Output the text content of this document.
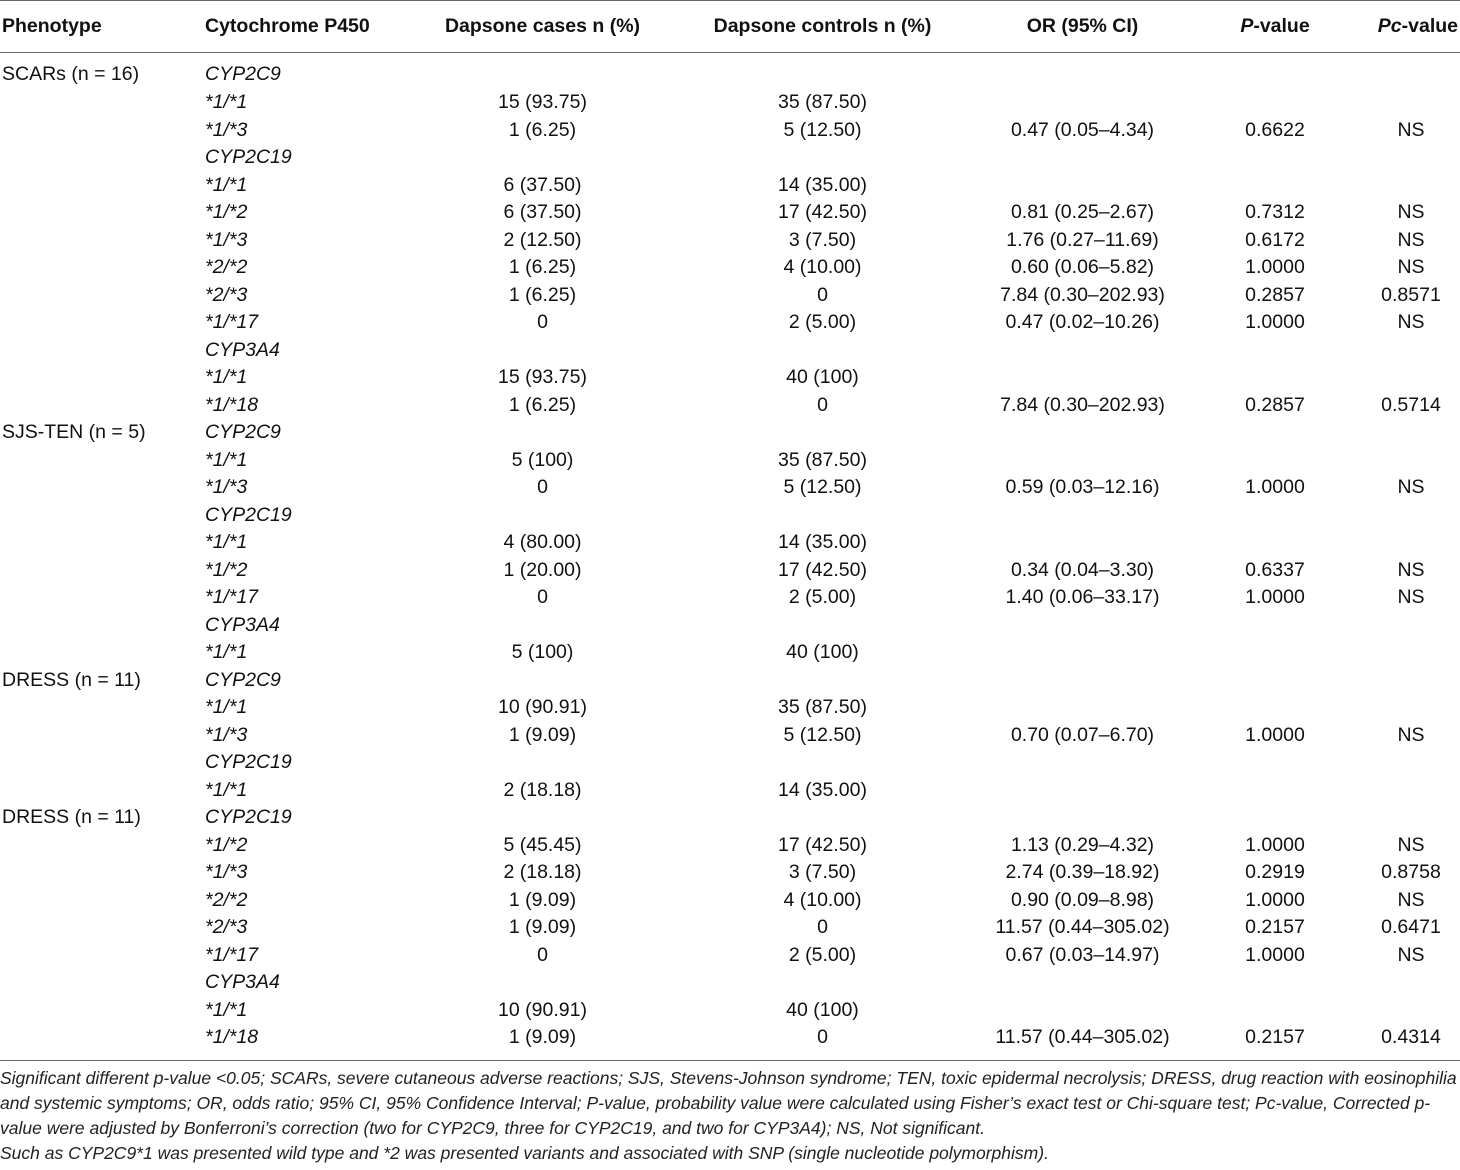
Phenotype	Cytochrome P450	Dapsone cases n (%)	Dapsone controls n (%)	OR (95% CI)	P-value	Pc-value
SCARs (n = 16)	CYP2C9					
	*1/*1	15 (93.75)	35 (87.50)			
	*1/*3	1 (6.25)	5 (12.50)	0.47 (0.05–4.34)	0.6622	NS
	CYP2C19					
	*1/*1	6 (37.50)	14 (35.00)			
	*1/*2	6 (37.50)	17 (42.50)	0.81 (0.25–2.67)	0.7312	NS
	*1/*3	2 (12.50)	3 (7.50)	1.76 (0.27–11.69)	0.6172	NS
	*2/*2	1 (6.25)	4 (10.00)	0.60 (0.06–5.82)	1.0000	NS
	*2/*3	1 (6.25)	0	7.84 (0.30–202.93)	0.2857	0.8571
	*1/*17	0	2 (5.00)	0.47 (0.02–10.26)	1.0000	NS
	CYP3A4					
	*1/*1	15 (93.75)	40 (100)			
	*1/*18	1 (6.25)	0	7.84 (0.30–202.93)	0.2857	0.5714
SJS-TEN (n = 5)	CYP2C9					
	*1/*1	5 (100)	35 (87.50)			
	*1/*3	0	5 (12.50)	0.59 (0.03–12.16)	1.0000	NS
	CYP2C19					
	*1/*1	4 (80.00)	14 (35.00)			
	*1/*2	1 (20.00)	17 (42.50)	0.34 (0.04–3.30)	0.6337	NS
	*1/*17	0	2 (5.00)	1.40 (0.06–33.17)	1.0000	NS
	CYP3A4					
	*1/*1	5 (100)	40 (100)			
DRESS (n = 11)	CYP2C9					
	*1/*1	10 (90.91)	35 (87.50)			
	*1/*3	1 (9.09)	5 (12.50)	0.70 (0.07–6.70)	1.0000	NS
	CYP2C19					
	*1/*1	2 (18.18)	14 (35.00)			
DRESS (n = 11)	CYP2C19					
	*1/*2	5 (45.45)	17 (42.50)	1.13 (0.29–4.32)	1.0000	NS
	*1/*3	2 (18.18)	3 (7.50)	2.74 (0.39–18.92)	0.2919	0.8758
	*2/*2	1 (9.09)	4 (10.00)	0.90 (0.09–8.98)	1.0000	NS
	*2/*3	1 (9.09)	0	11.57 (0.44–305.02)	0.2157	0.6471
	*1/*17	0	2 (5.00)	0.67 (0.03–14.97)	1.0000	NS
	CYP3A4					
	*1/*1	10 (90.91)	40 (100)			
	*1/*18	1 (9.09)	0	11.57 (0.44–305.02)	0.2157	0.4314

Significant different p-value <0.05; SCARs, severe cutaneous adverse reactions; SJS, Stevens-Johnson syndrome; TEN, toxic epidermal necrolysis; DRESS, drug reaction with eosinophilia and systemic symptoms; OR, odds ratio; 95% CI, 95% Confidence Interval; P-value, probability value were calculated using Fisher’s exact test or Chi-square test; Pc-value, Corrected p-value were adjusted by Bonferroni’s correction (two for CYP2C9, three for CYP2C19, and two for CYP3A4); NS, Not significant.

Such as CYP2C9*1 was presented wild type and *2 was presented variants and associated with SNP (single nucleotide polymorphism).
